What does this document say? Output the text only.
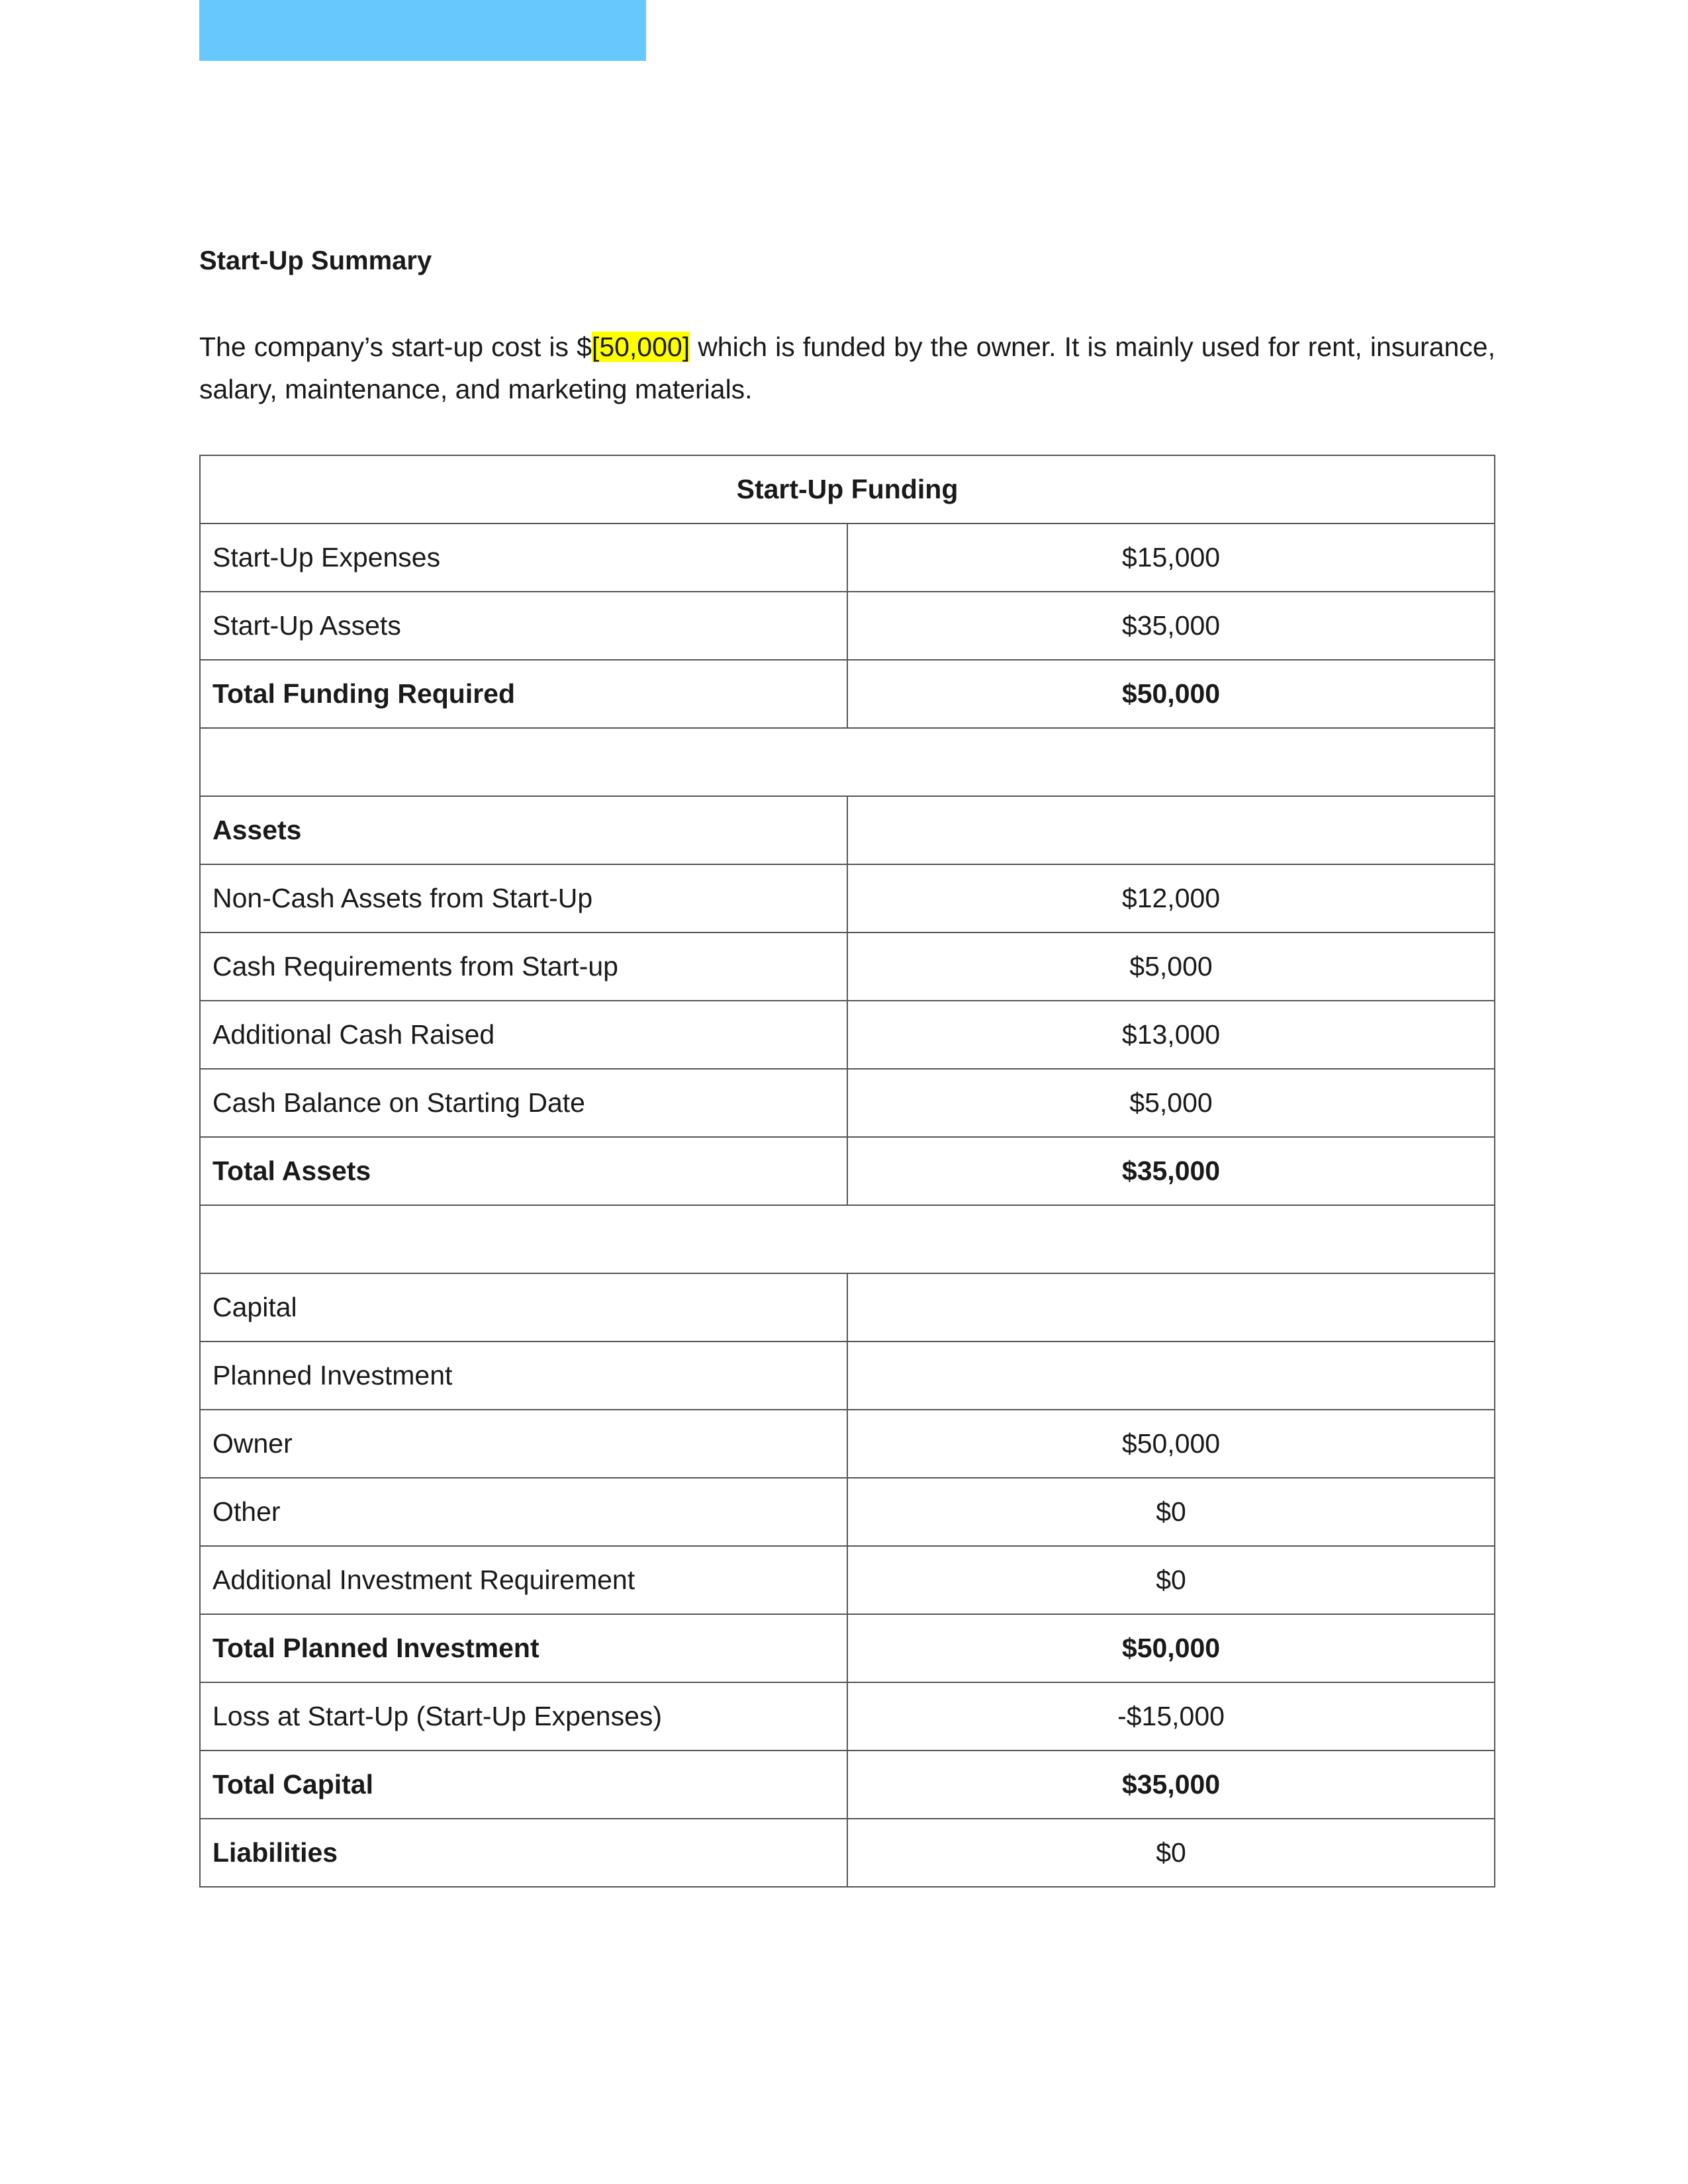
Start-Up Summary

The company’s start-up cost is $[50,000] which is funded by the owner. It is mainly used for rent, insurance, salary, maintenance, and marketing materials.

Start-Up Funding	
Start-Up Expenses	$15,000
Start-Up Assets	$35,000
Total Funding Required	$50,000

Assets	
Non-Cash Assets from Start-Up	$12,000
Cash Requirements from Start-up	$5,000
Additional Cash Raised	$13,000
Cash Balance on Starting Date	$5,000
Total Assets	$35,000

Capital	
Planned Investment	
Owner	$50,000
Other	$0
Additional Investment Requirement	$0
Total Planned Investment	$50,000
Loss at Start-Up (Start-Up Expenses)	-$15,000
Total Capital	$35,000
Liabilities	$0
